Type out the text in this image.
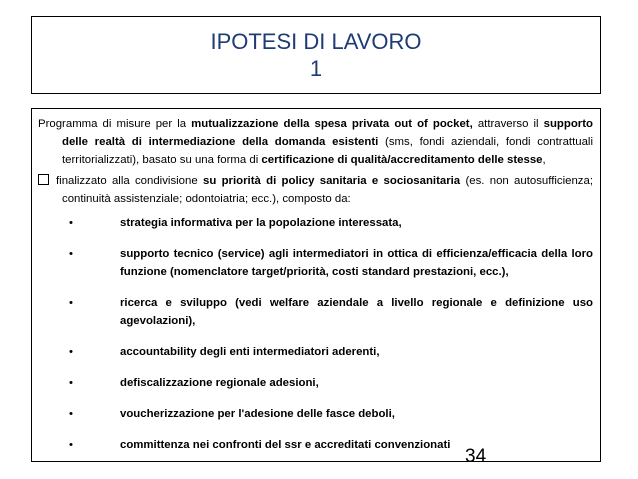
IPOTESI DI LAVORO
1

Programma di misure per la mutualizzazione della spesa privata out of pocket, attraverso il supporto delle realtà di intermediazione della domanda esistenti (sms, fondi aziendali, fondi contrattuali territorializzati), basato su una forma di certificazione di qualità/accreditamento delle stesse,

finalizzato alla condivisione su priorità di policy sanitaria e sociosanitaria (es. non autosufficienza; continuità assistenziale; odontoiatria; ecc.), composto da:

•	strategia informativa per la popolazione interessata,
•	supporto tecnico (service) agli intermediatori in ottica di efficienza/efficacia della loro funzione (nomenclatore target/priorità, costi standard prestazioni, ecc.),
•	ricerca e sviluppo (vedi welfare aziendale a livello regionale e definizione uso agevolazioni),
•	accountability degli enti intermediatori aderenti,
•	defiscalizzazione regionale adesioni,
•	voucherizzazione per l'adesione delle fasce deboli,
•	committenza nei confronti del ssr e accreditati convenzionati
34
